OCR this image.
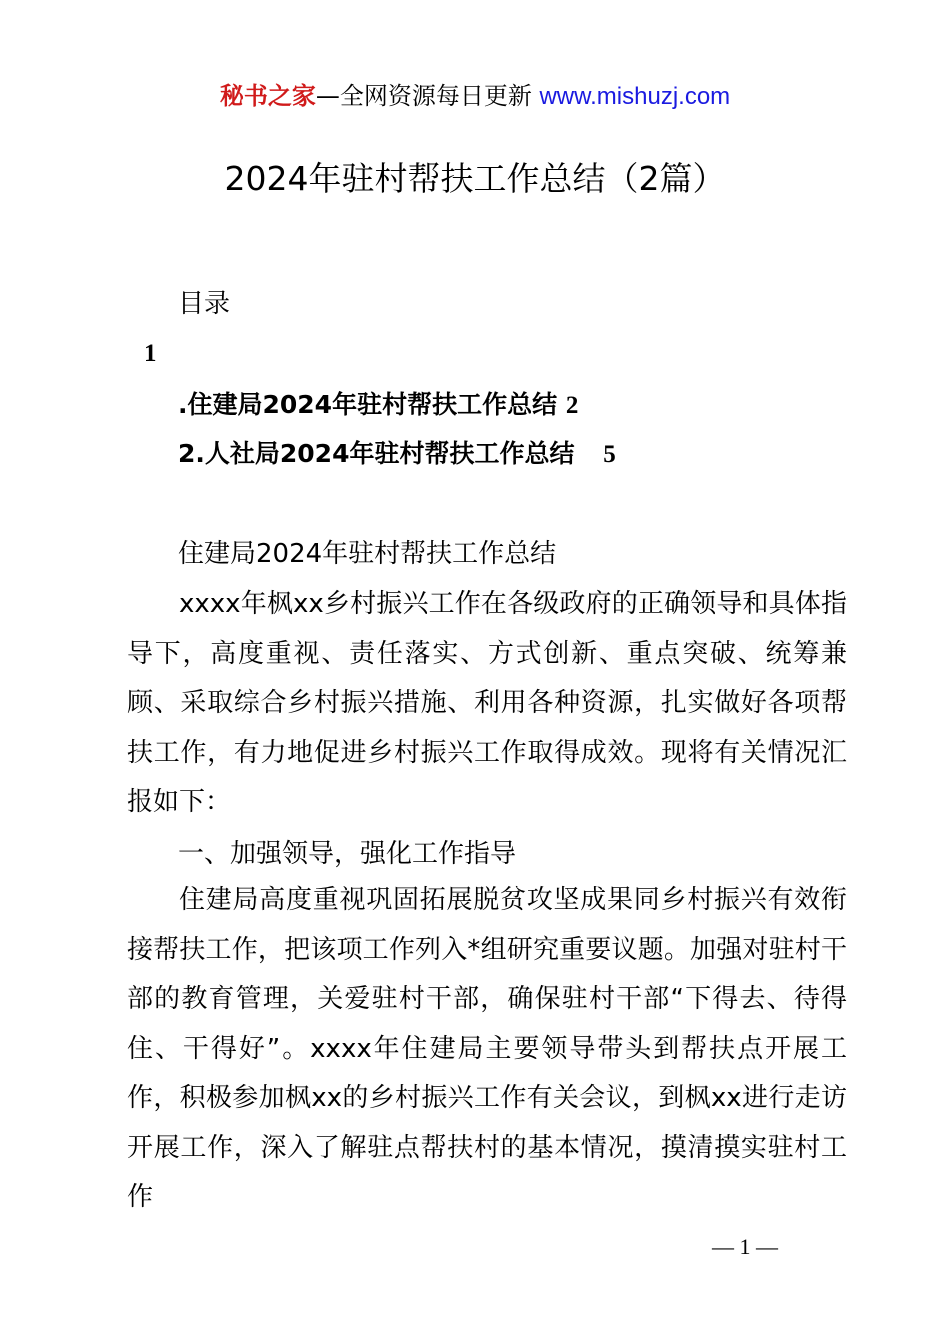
秘书之家—全网资源每日更新 www.mishuzj.com
2024年驻村帮扶工作总结（2篇）
目录
1
.住建局2024年驻村帮扶工作总结 2
2.人社局2024年驻村帮扶工作总结 5
住建局2024年驻村帮扶工作总结
xxxx年枫xx乡村振兴工作在各级政府的正确领导和具体指导下，高度重视、责任落实、方式创新、重点突破、统筹兼顾、采取综合乡村振兴措施、利用各种资源，扎实做好各项帮扶工作，有力地促进乡村振兴工作取得成效。现将有关情况汇报如下：
一、加强领导，强化工作指导
住建局高度重视巩固拓展脱贫攻坚成果同乡村振兴有效衔接帮扶工作，把该项工作列入*组研究重要议题。加强对驻村干部的教育管理，关爱驻村干部，确保驻村干部“下得去、待得住、干得好”。xxxx年住建局主要领导带头到帮扶点开展工作，积极参加枫xx的乡村振兴工作有关会议，到枫xx进行走访开展工作，深入了解驻点帮扶村的基本情况，摸清摸实驻村工作
— 1 —
